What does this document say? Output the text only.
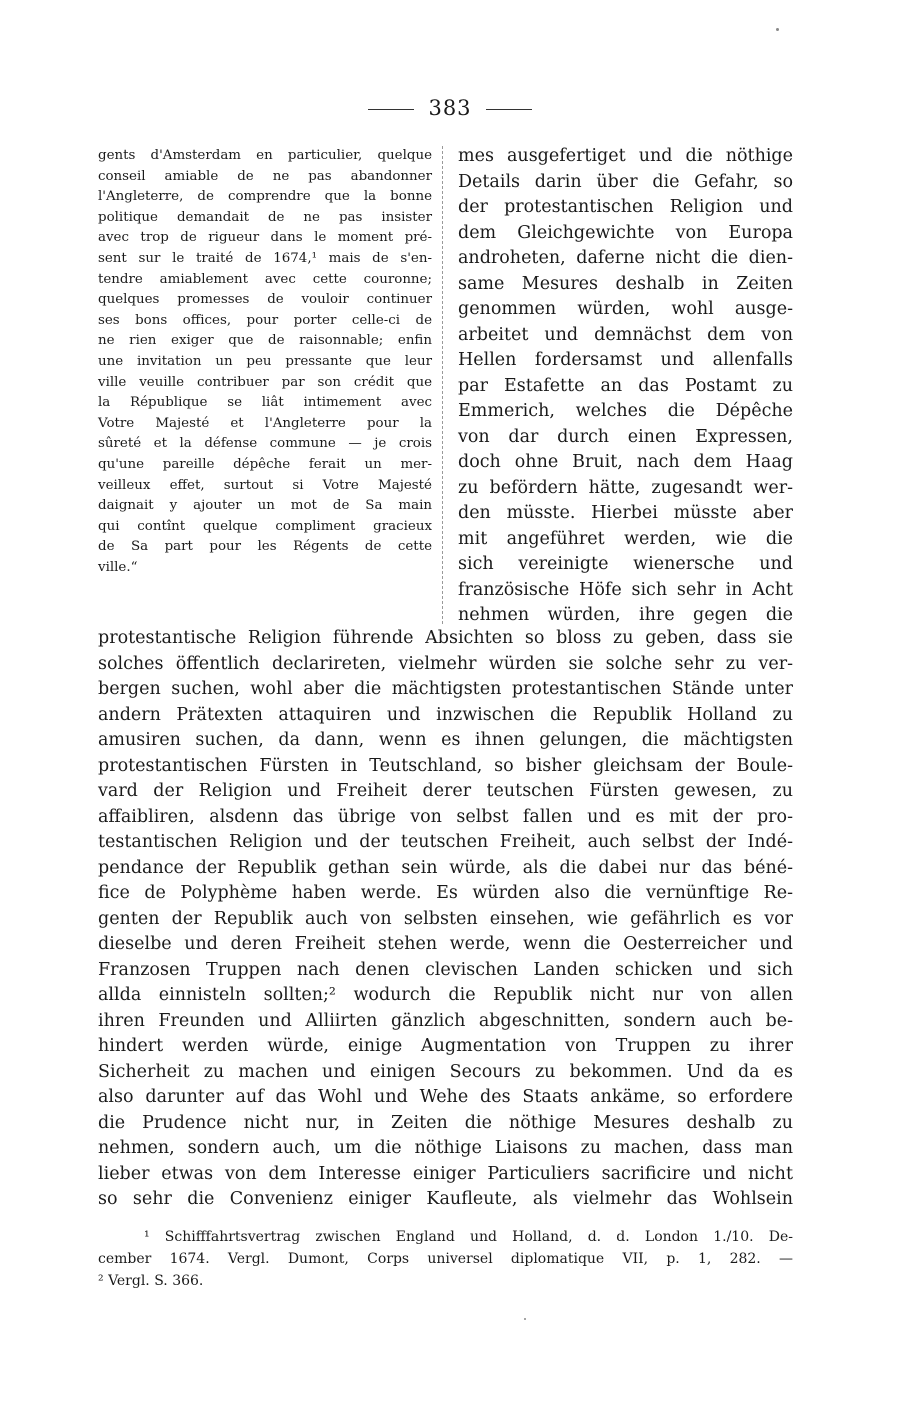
383
gents d'Amsterdam en particulier, quelque
conseil amiable de ne pas abandonner
l'Angleterre, de comprendre que la bonne
politique demandait de ne pas insister
avec trop de rigueur dans le moment pré-
sent sur le traité de 1674,¹ mais de s'en-
tendre amiablement avec cette couronne;
quelques promesses de vouloir continuer
ses bons offices, pour porter celle-ci de
ne rien exiger que de raisonnable; enfin
une invitation un peu pressante que leur
ville veuille contribuer par son crédit que
la République se liât intimement avec
Votre Majesté et l'Angleterre pour la
sûreté et la défense commune — je crois
qu'une pareille dépêche ferait un mer-
veilleux effet, surtout si Votre Majesté
daignait y ajouter un mot de Sa main
qui contînt quelque compliment gracieux
de Sa part pour les Régents de cette
ville.“
mes ausgefertiget und die nöthige
Details darin über die Gefahr, so
der protestantischen Religion und
dem Gleichgewichte von Europa
androheten, daferne nicht die dien-
same Mesures deshalb in Zeiten
genommen würden, wohl ausge-
arbeitet und demnächst dem von
Hellen fordersamst und allenfalls
par Estafette an das Postamt zu
Emmerich, welches die Dépêche
von dar durch einen Expressen,
doch ohne Bruit, nach dem Haag
zu befördern hätte, zugesandt wer-
den müsste. Hierbei müsste aber
mit angeführet werden, wie die
sich vereinigte wienersche und
französische Höfe sich sehr in Acht
nehmen würden, ihre gegen die
protestantische Religion führende Absichten so bloss zu geben, dass sie
solches öffentlich declarireten, vielmehr würden sie solche sehr zu ver-
bergen suchen, wohl aber die mächtigsten protestantischen Stände unter
andern Prätexten attaquiren und inzwischen die Republik Holland zu
amusiren suchen, da dann, wenn es ihnen gelungen, die mächtigsten
protestantischen Fürsten in Teutschland, so bisher gleichsam der Boule-
vard der Religion und Freiheit derer teutschen Fürsten gewesen, zu
affaibliren, alsdenn das übrige von selbst fallen und es mit der pro-
testantischen Religion und der teutschen Freiheit, auch selbst der Indé-
pendance der Republik gethan sein würde, als die dabei nur das béné-
fice de Polyphème haben werde. Es würden also die vernünftige Re-
genten der Republik auch von selbsten einsehen, wie gefährlich es vor
dieselbe und deren Freiheit stehen werde, wenn die Oesterreicher und
Franzosen Truppen nach denen clevischen Landen schicken und sich
allda einnisteln sollten;² wodurch die Republik nicht nur von allen
ihren Freunden und Alliirten gänzlich abgeschnitten, sondern auch be-
hindert werden würde, einige Augmentation von Truppen zu ihrer
Sicherheit zu machen und einigen Secours zu bekommen. Und da es
also darunter auf das Wohl und Wehe des Staats ankäme, so erfordere
die Prudence nicht nur, in Zeiten die nöthige Mesures deshalb zu
nehmen, sondern auch, um die nöthige Liaisons zu machen, dass man
lieber etwas von dem Interesse einiger Particuliers sacrificire und nicht
so sehr die Convenienz einiger Kaufleute, als vielmehr das Wohlsein
¹ Schifffahrtsvertrag zwischen England und Holland, d. d. London 1./10. De-
cember 1674. Vergl. Dumont, Corps universel diplomatique VII, p. 1, 282. —
² Vergl. S. 366.
